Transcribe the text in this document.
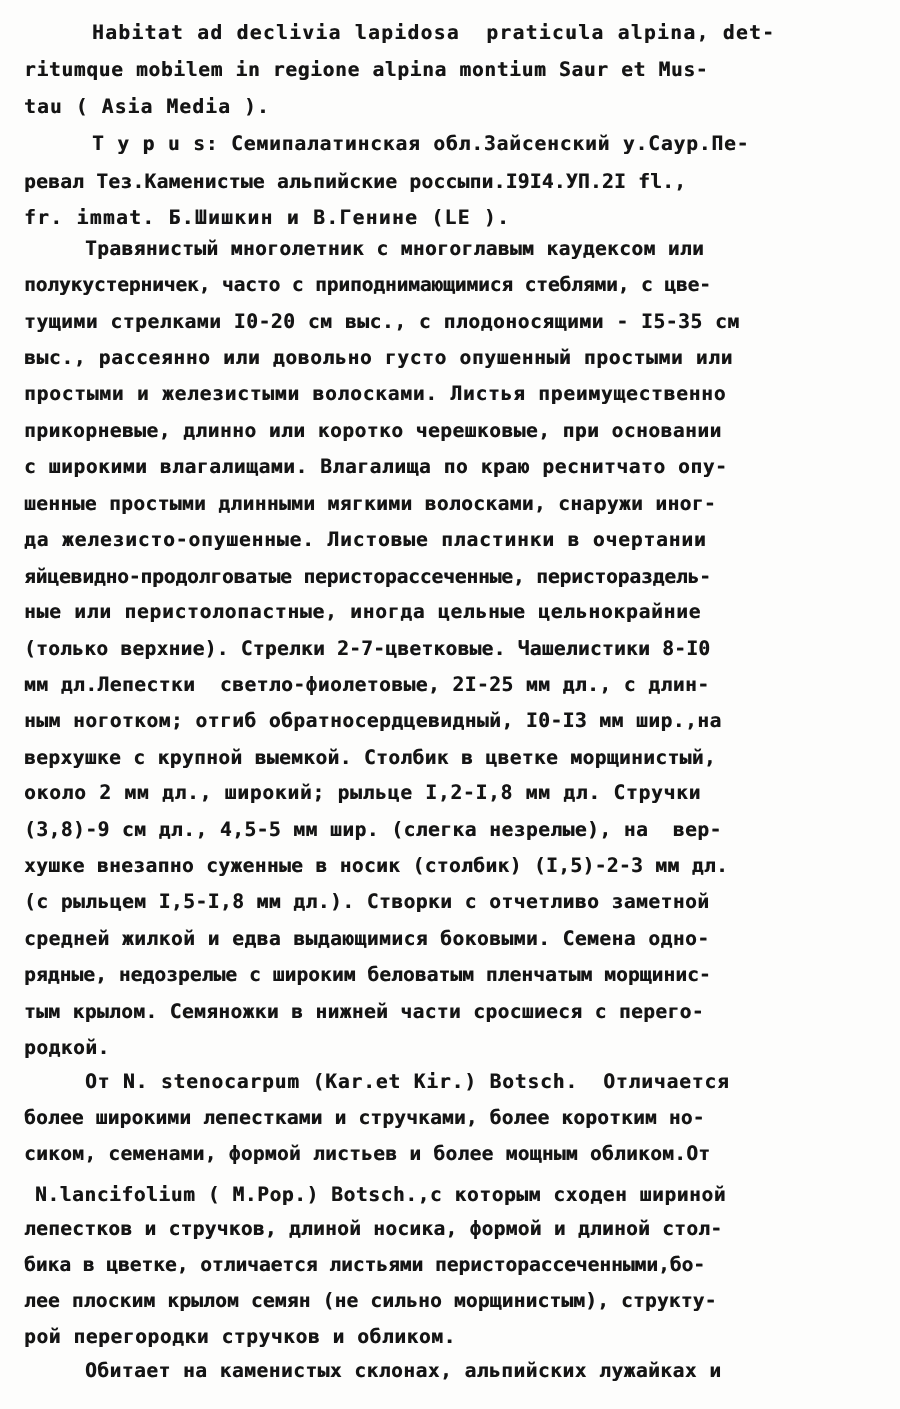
Habitat ad declivia lapidosa  praticula alpina, det-
ritumque mobilem in regione alpina montium Saur et Mus-
tau ( Asia Media ).
Т у р u s: Семипалатинская обл.Зайсенский у.Саур.Пе-
ревал Тез.Каменистые альпийские россыпи.I9I4.УП.2I fl.,
fr. immat. Б.Шишкин и В.Генине (LE ).
Травянистый многолетник с многоглавым каудексом или
полукустерничек, часто с приподнимающимися стеблями, с цве-
тущими стрелками I0-20 см выс., с плодоносящими - I5-35 см
выс., рассеянно или довольно густо опушенный простыми или
простыми и железистыми волосками. Листья преимущественно
прикорневые, длинно или коротко черешковые, при основании
с широкими влагалищами. Влагалища по краю реснитчато опу-
шенные простыми длинными мягкими волосками, снаружи иног-
да железисто-опушенные. Листовые пластинки в очертании
яйцевидно-продолговатые перисторассеченные, перистораздель-
ные или перистолопастные, иногда цельные цельнокрайние
(только верхние). Стрелки 2-7-цветковые. Чашелистики 8-I0
мм дл.Лепестки  светло-фиолетовые, 2I-25 мм дл., с длин-
ным ноготком; отгиб обратносердцевидный, I0-I3 мм шир.,на
верхушке с крупной выемкой. Столбик в цветке морщинистый,
около 2 мм дл., широкий; рыльце I,2-I,8 мм дл. Стручки
(3,8)-9 см дл., 4,5-5 мм шир. (слегка незрелые), на  вер-
хушке внезапно суженные в носик (столбик) (I,5)-2-3 мм дл.
(с рыльцем I,5-I,8 мм дл.). Створки с отчетливо заметной
средней жилкой и едва выдающимися боковыми. Семена одно-
рядные, недозрелые с широким беловатым пленчатым морщинис-
тым крылом. Семяножки в нижней части сросшиеся с перего-
родкой.
От N. stenocarpum (Kar.et Kir.) Botsch.  Отличается
более широкими лепестками и стручками, более коротким но-
сиком, семенами, формой листьев и более мощным обликом.От
N.lancifolium ( M.Pop.) Botsch.,с которым сходен шириной
лепестков и стручков, длиной носика, формой и длиной стол-
бика в цветке, отличается листьями перисторассеченными,бо-
лее плоским крылом семян (не сильно морщинистым), структу-
рой перегородки стручков и обликом.
Обитает на каменистых склонах, альпийских лужайках и
